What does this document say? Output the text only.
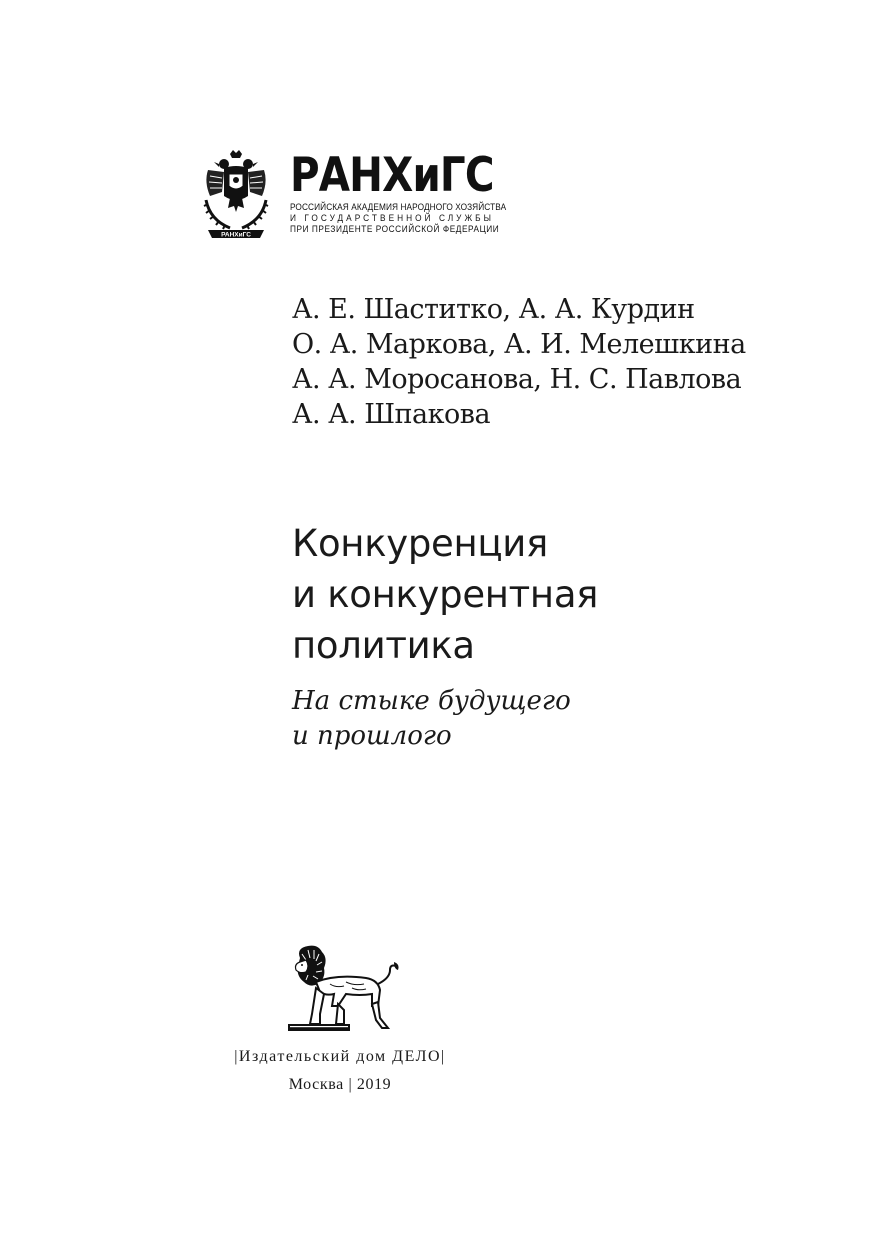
РАНХиГС
РАНХиГС
РОССИЙСКАЯ АКАДЕМИЯ НАРОДНОГО ХОЗЯЙСТВА
И ГОСУДАРСТВЕННОЙ СЛУЖБЫ
ПРИ ПРЕЗИДЕНТЕ РОССИЙСКОЙ ФЕДЕРАЦИИ
А. Е. Шаститко, А. А. Курдин
О. А. Маркова, А. И. Мелешкина
А. А. Моросанова, Н. С. Павлова
А. А. Шпакова
Конкуренция
и конкурентная
политика
На стыке будущего
и прошлого
|Издательский дом ДЕЛО|
Москва | 2019
